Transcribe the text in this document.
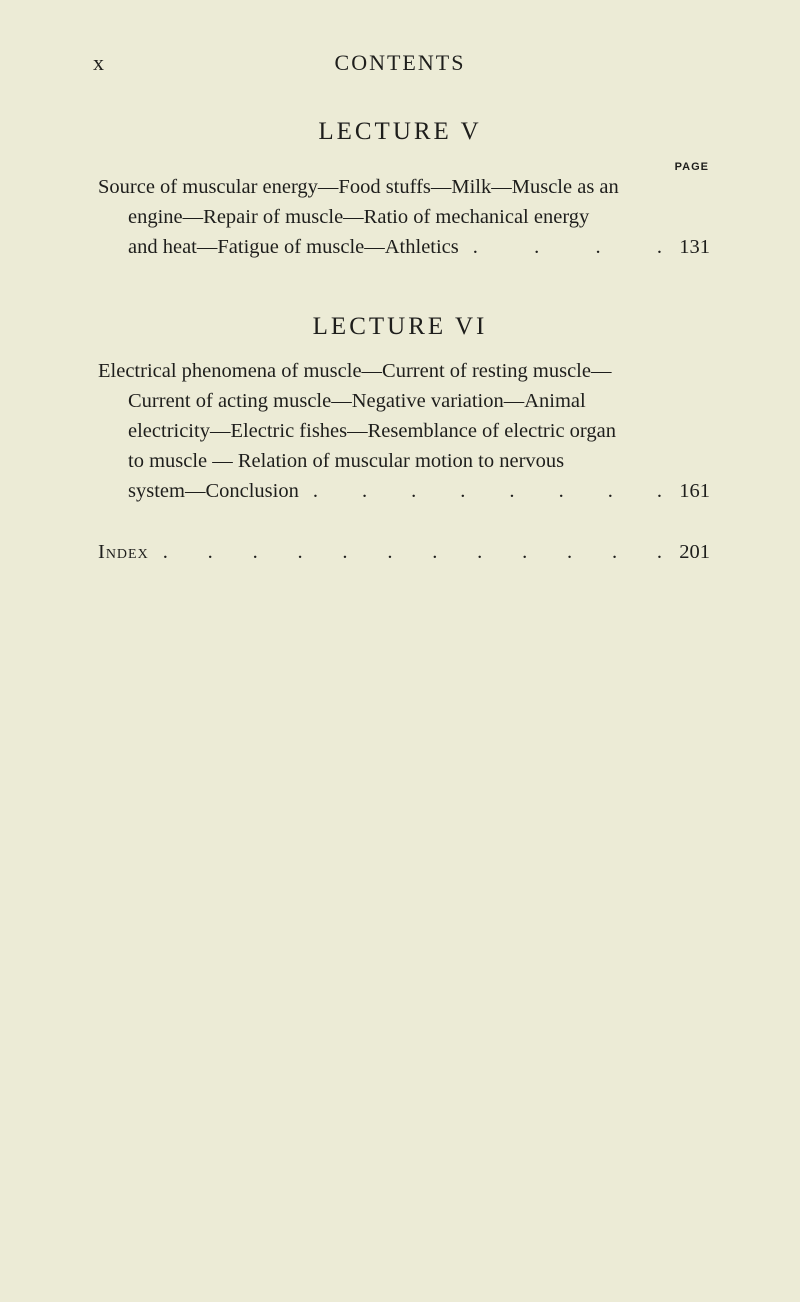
x	CONTENTS
LECTURE V
PAGE
Source of muscular energy—Food stuffs—Milk—Muscle as an
engine—Repair of muscle—Ratio of mechanical energy
and heat—Fatigue of muscle—Athletics . . . . 131
LECTURE VI
Electrical phenomena of muscle—Current of resting muscle—
Current of acting muscle—Negative variation—Animal
electricity—Electric fishes—Resemblance of electric organ
to muscle — Relation of muscular motion to nervous
system—Conclusion . . . . . . . . 161
Index . . . . . . . . . . . . 201
